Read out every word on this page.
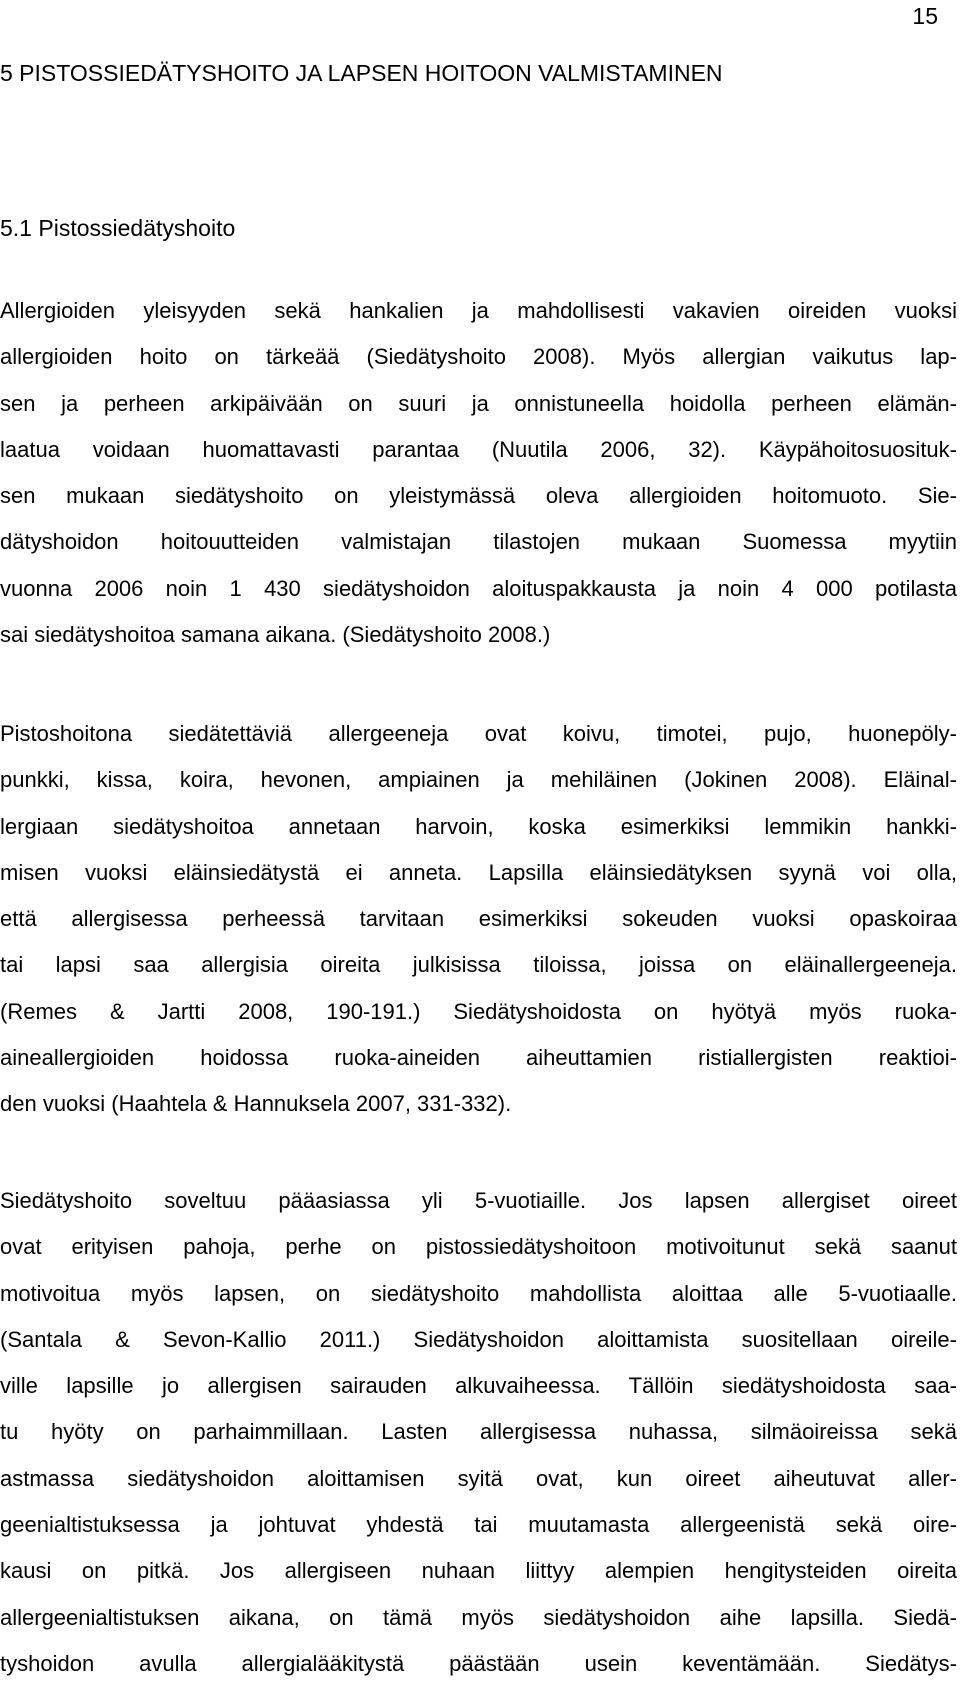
15
5 PISTOSSIEDÄTYSHOITO JA LAPSEN HOITOON VALMISTAMINEN
5.1 Pistossiedätyshoito
Allergioiden yleisyyden sekä hankalien ja mahdollisesti vakavien oireiden vuoksi
allergioiden hoito on tärkeää (Siedätyshoito 2008). Myös allergian vaikutus lap-
sen ja perheen arkipäivään on suuri ja onnistuneella hoidolla perheen elämän-
laatua voidaan huomattavasti parantaa (Nuutila 2006, 32). Käypähoitosuosituk-
sen mukaan siedätyshoito on yleistymässä oleva allergioiden hoitomuoto. Sie-
dätyshoidon hoitouutteiden valmistajan tilastojen mukaan Suomessa myytiin
vuonna 2006 noin 1 430 siedätyshoidon aloituspakkausta ja noin 4 000 potilasta
sai siedätyshoitoa samana aikana. (Siedätyshoito 2008.)
Pistoshoitona siedätettäviä allergeeneja ovat koivu, timotei, pujo, huonepöly-
punkki, kissa, koira, hevonen, ampiainen ja mehiläinen (Jokinen 2008). Eläinal-
lergiaan siedätyshoitoa annetaan harvoin, koska esimerkiksi lemmikin hankki-
misen vuoksi eläinsiedätystä ei anneta. Lapsilla eläinsiedätyksen syynä voi olla,
että allergisessa perheessä tarvitaan esimerkiksi sokeuden vuoksi opaskoiraa
tai lapsi saa allergisia oireita julkisissa tiloissa, joissa on eläinallergeeneja.
(Remes & Jartti 2008, 190-191.) Siedätyshoidosta on hyötyä myös ruoka-
aineallergioiden hoidossa ruoka-aineiden aiheuttamien ristiallergisten reaktioi-
den vuoksi (Haahtela & Hannuksela 2007, 331-332).
Siedätyshoito soveltuu pääasiassa yli 5-vuotiaille. Jos lapsen allergiset oireet
ovat erityisen pahoja, perhe on pistossiedätyshoitoon motivoitunut sekä saanut
motivoitua myös lapsen, on siedätyshoito mahdollista aloittaa alle 5-vuotiaalle.
(Santala & Sevon-Kallio 2011.) Siedätyshoidon aloittamista suositellaan oireile-
ville lapsille jo allergisen sairauden alkuvaiheessa. Tällöin siedätyshoidosta saa-
tu hyöty on parhaimmillaan. Lasten allergisessa nuhassa, silmäoireissa sekä
astmassa siedätyshoidon aloittamisen syitä ovat, kun oireet aiheutuvat aller-
geenialtistuksessa ja johtuvat yhdestä tai muutamasta allergeenistä sekä oire-
kausi on pitkä. Jos allergiseen nuhaan liittyy alempien hengitysteiden oireita
allergeenialtistuksen aikana, on tämä myös siedätyshoidon aihe lapsilla. Siedä-
tyshoidon avulla allergialääkitystä päästään usein keventämään. Siedätys-
